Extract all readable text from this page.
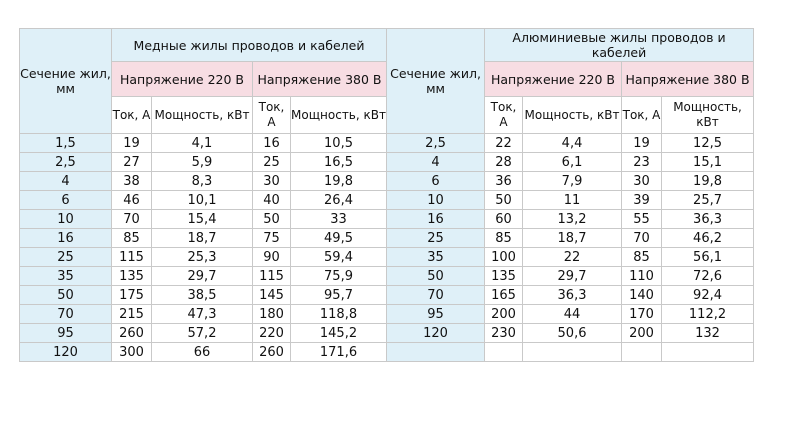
Сечение жил, мм	Медные жилы проводов и кабелей				Сечение жил, мм	Алюминиевые жилы проводов и кабелей			
	Напряжение 220 В		Напряжение 380 В			Напряжение 220 В		Напряжение 380 В	
	Ток, А	Мощность, кВт	Ток, А	Мощность, кВт		Ток, А	Мощность, кВт	Ток, А	Мощность, кВт
1,5	19	4,1	16	10,5	2,5	22	4,4	19	12,5
2,5	27	5,9	25	16,5	4	28	6,1	23	15,1
4	38	8,3	30	19,8	6	36	7,9	30	19,8
6	46	10,1	40	26,4	10	50	11	39	25,7
10	70	15,4	50	33	16	60	13,2	55	36,3
16	85	18,7	75	49,5	25	85	18,7	70	46,2
25	115	25,3	90	59,4	35	100	22	85	56,1
35	135	29,7	115	75,9	50	135	29,7	110	72,6
50	175	38,5	145	95,7	70	165	36,3	140	92,4
70	215	47,3	180	118,8	95	200	44	170	112,2
95	260	57,2	220	145,2	120	230	50,6	200	132
120	300	66	260	171,6					
